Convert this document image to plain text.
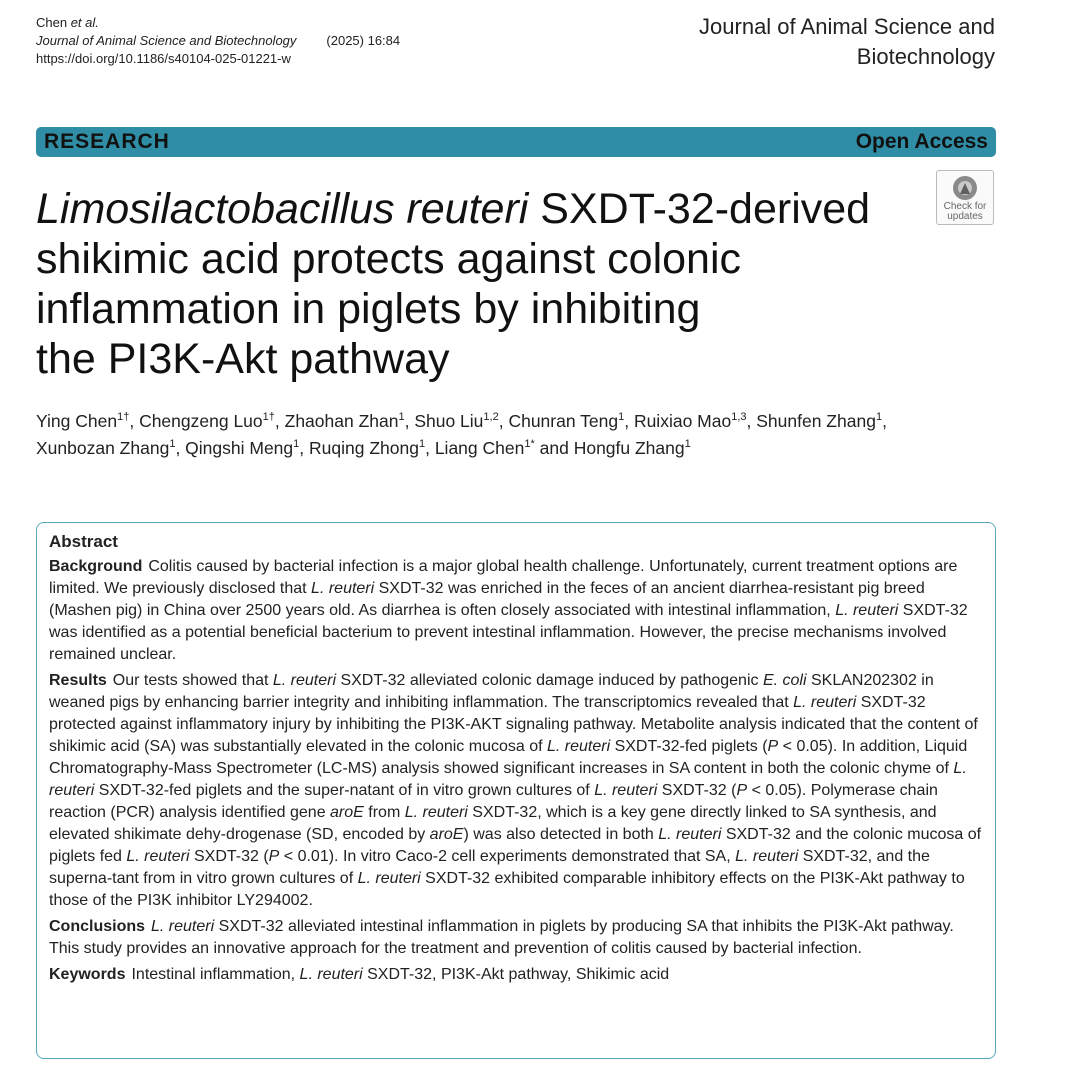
Chen et al.
Journal of Animal Science and Biotechnology (2025) 16:84
https://doi.org/10.1186/s40104-025-01221-w
Journal of Animal Science and
Biotechnology
RESEARCH	Open Access
Check for
updates
Limosilactobacillus reuteri SXDT-32-derived
shikimic acid protects against colonic
inflammation in piglets by inhibiting
the PI3K-Akt pathway
Ying Chen$^{1\dagger}$, Chengzeng Luo$^{1\dagger}$, Zhaohan Zhan$^1$, Shuo Liu$^{1,2}$, Chunran Teng$^1$, Ruixiao Mao$^{1,3}$, Shunfen Zhang$^1$,
Xunbozan Zhang$^1$, Qingshi Meng$^1$, Ruqing Zhong$^1$, Liang Chen$^{1*}$ and Hongfu Zhang$^1$
Abstract

Background Colitis caused by bacterial infection is a major global health challenge. Unfortunately, current treatment options are limited. We previously disclosed that L. reuteri SXDT-32 was enriched in the feces of an ancient diarrhea-resistant pig breed (Mashen pig) in China over 2500 years old. As diarrhea is often closely associated with intestinal inflammation, L. reuteri SXDT-32 was identified as a potential beneficial bacterium to prevent intestinal inflammation. However, the precise mechanisms involved remained unclear.

Results Our tests showed that L. reuteri SXDT-32 alleviated colonic damage induced by pathogenic E. coli SKLAN202302 in weaned pigs by enhancing barrier integrity and inhibiting inflammation. The transcriptomics revealed that L. reuteri SXDT-32 protected against inflammatory injury by inhibiting the PI3K-AKT signaling pathway. Metabolite analysis indicated that the content of shikimic acid (SA) was substantially elevated in the colonic mucosa of L. reuteri SXDT-32-fed piglets (P < 0.05). In addition, Liquid Chromatography-Mass Spectrometer (LC-MS) analysis showed significant increases in SA content in both the colonic chyme of L. reuteri SXDT-32-fed piglets and the super-natant of in vitro grown cultures of L. reuteri SXDT-32 (P < 0.05). Polymerase chain reaction (PCR) analysis identified gene aroE from L. reuteri SXDT-32, which is a key gene directly linked to SA synthesis, and elevated shikimate dehy-drogenase (SD, encoded by aroE) was also detected in both L. reuteri SXDT-32 and the colonic mucosa of piglets fed L. reuteri SXDT-32 (P < 0.01). In vitro Caco-2 cell experiments demonstrated that SA, L. reuteri SXDT-32, and the superna-tant from in vitro grown cultures of L. reuteri SXDT-32 exhibited comparable inhibitory effects on the PI3K-Akt pathway to those of the PI3K inhibitor LY294002.

Conclusions L. reuteri SXDT-32 alleviated intestinal inflammation in piglets by producing SA that inhibits the PI3K-Akt pathway. This study provides an innovative approach for the treatment and prevention of colitis caused by bacterial infection.

Keywords Intestinal inflammation, L. reuteri SXDT-32, PI3K-Akt pathway, Shikimic acid
